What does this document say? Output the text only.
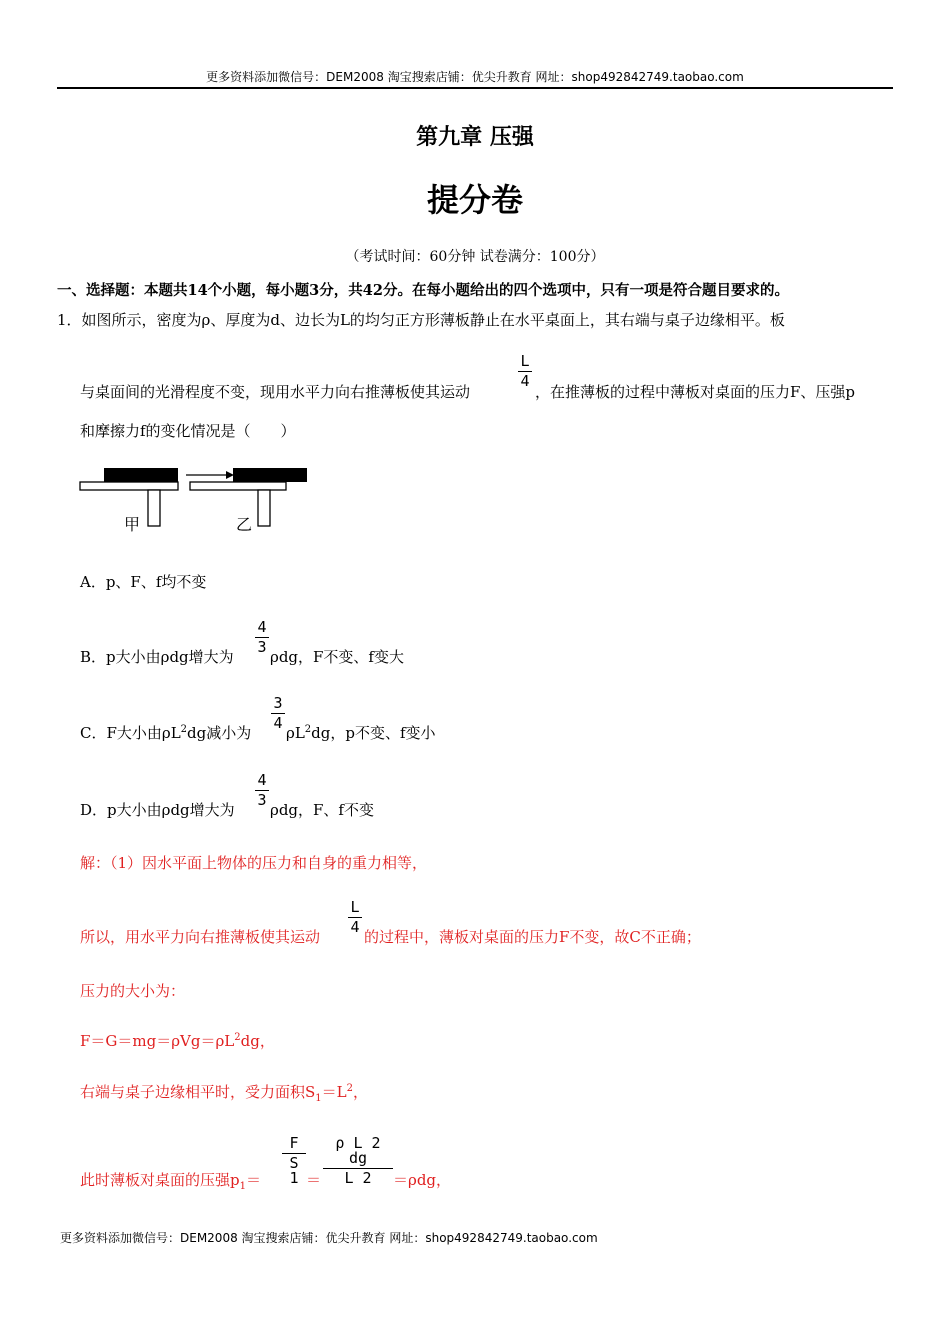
更多资料添加微信号：DEM2008 淘宝搜索店铺：优尖升教育 网址：shop492842749.taobao.com
第九章 压强
提分卷
（考试时间：60分钟 试卷满分：100分）
一、选择题：本题共14个小题，每小题3分，共42分。在每小题给出的四个选项中，只有一项是符合题目要求的。
1．如图所示，密度为ρ、厚度为d、边长为L的均匀正方形薄板静止在水平桌面上，其右端与桌子边缘相平。板
与桌面间的光滑程度不变，现用水平力向右推薄板使其运动
L
4
，在推薄板的过程中薄板对桌面的压力F、压强p
和摩擦力f的变化情况是（　　）
甲	乙
A．p、F、f均不变
B．p大小由ρdg增大为
4
3
ρdg，F不变、f变大
C．F大小由$\rho L^2dg$减小为
3
4
$\rho L^2dg$，p不变、f变小
D．p大小由ρdg增大为
4
3
ρdg，F、f不变
解：（1）因水平面上物体的压力和自身的重力相等，
所以，用水平力向右推薄板使其运动
L
4
的过程中，薄板对桌面的压力F不变，故C不正确；
压力的大小为：
$F=G=mg=\rho Vg=\rho L^2dg$，
右端与桌子边缘相平时，受力面积$S_1=L^2$，
此时薄板对桌面的压强$p_1=$
F
S 1 ＝
ρ L 2 dg
L 2	＝ρdg，
更多资料添加微信号：DEM2008 淘宝搜索店铺：优尖升教育 网址：shop492842749.taobao.com
